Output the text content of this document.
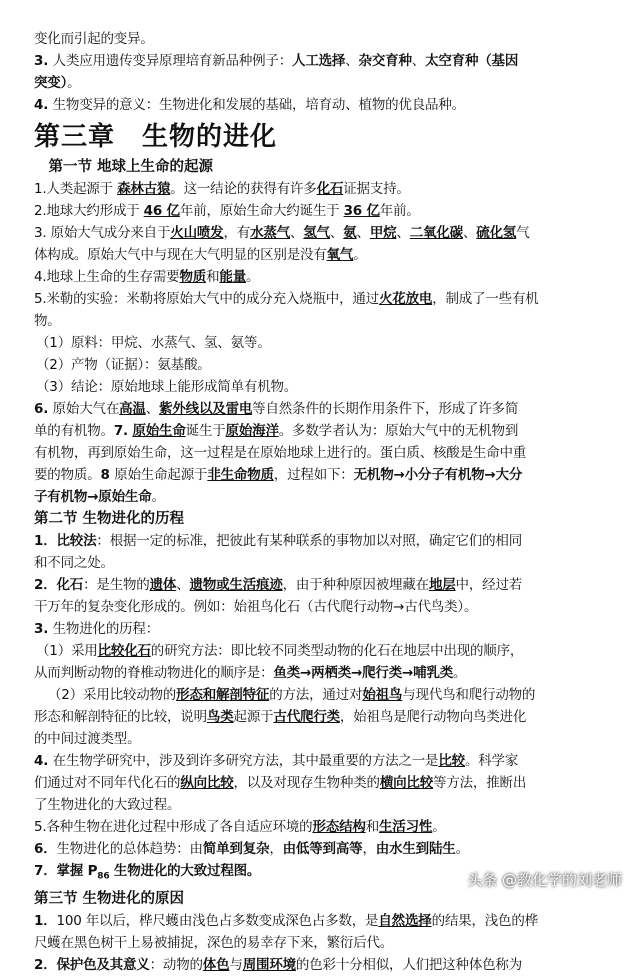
变化而引起的变异。
3. 人类应用遗传变异原理培育新品种例子：人工选择、杂交育种、太空育种（基因
突变）。
4. 生物变异的意义：生物进化和发展的基础，培育动、植物的优良品种。
第三章　生物的进化
　第一节 地球上生命的起源
1.人类起源于 森林古猿。这一结论的获得有许多化石证据支持。
2.地球大约形成于 46 亿年前，原始生命大约诞生于 36 亿年前。
3. 原始大气成分来自于火山喷发，有水蒸气、氢气、氨、甲烷、二氧化碳、硫化氢气
体构成。原始大气中与现在大气明显的区别是没有氧气。
4.地球上生命的生存需要物质和能量。
5.米勒的实验：米勒将原始大气中的成分充入烧瓶中，通过火花放电，制成了一些有机
物。
（1）原料：甲烷、水蒸气、氢、氨等。
（2）产物（证据）：氨基酸。
（3）结论：原始地球上能形成简单有机物。
6. 原始大气在高温、紫外线以及雷电等自然条件的长期作用条件下，形成了许多简
单的有机物。7. 原始生命诞生于原始海洋。多数学者认为：原始大气中的无机物到
有机物，再到原始生命，这一过程是在原始地球上进行的。蛋白质、核酸是生命中重
要的物质。8 原始生命起源于非生命物质，过程如下：无机物→小分子有机物→大分
子有机物→原始生命。
第二节 生物进化的历程
1．比较法：根据一定的标准，把彼此有某种联系的事物加以对照，确定它们的相同
和不同之处。
2．化石：是生物的遗体、遗物或生活痕迹，由于种种原因被埋藏在地层中，经过若
干万年的复杂变化形成的。例如：始祖鸟化石（古代爬行动物→古代鸟类）。
3. 生物进化的历程：
（1）采用比较化石的研究方法：即比较不同类型动物的化石在地层中出现的顺序，
从而判断动物的脊椎动物进化的顺序是：鱼类→两栖类→爬行类→哺乳类。
（2）采用比较动物的形态和解剖特征的方法，通过对始祖鸟与现代鸟和爬行动物的
形态和解剖特征的比较，说明鸟类起源于古代爬行类，始祖鸟是爬行动物向鸟类进化
的中间过渡类型。
4. 在生物学研究中，涉及到许多研究方法，其中最重要的方法之一是比较。科学家
们通过对不同年代化石的纵向比较，以及对现存生物种类的横向比较等方法，推断出
了生物进化的大致过程。
5.各种生物在进化过程中形成了各自适应环境的形态结构和生活习性。
6．生物进化的总体趋势：由简单到复杂，由低等到高等，由水生到陆生。
7．掌握 $P_{86}$ 生物进化的大致过程图。
第三节 生物进化的原因
1．100 年以后，桦尺蠖由浅色占多数变成深色占多数，是自然选择的结果，浅色的桦
尺蠖在黑色树干上易被捕捉，深色的易幸存下来，繁衍后代。
2．保护色及其意义：动物的体色与周围环境的色彩十分相似，人们把这种体色称为
头条 @教化学的刘老师
